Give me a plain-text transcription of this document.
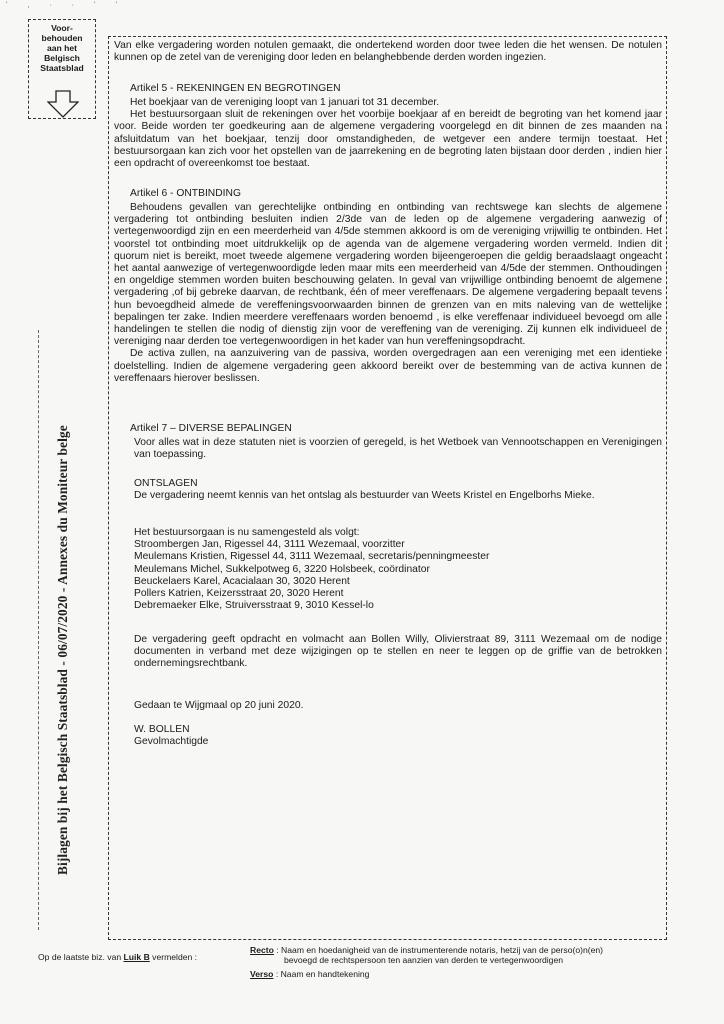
ʻ , · · ʻ ʻ
Voor-
behouden
aan het
Belgisch
Staatsblad
Bijlagen bij het Belgisch Staatsblad - 06/07/2020 - Annexes du Moniteur belge

Van elke vergadering worden notulen gemaakt, die ondertekend worden door twee leden die het wensen. De notulen kunnen op de zetel van de vereniging door leden en belanghebbende derden worden ingezien.

Artikel 5 - REKENINGEN EN BEGROTINGEN

Het boekjaar van de vereniging loopt van 1 januari tot 31 december.

Het bestuursorgaan sluit de rekeningen over het voorbije boekjaar af en bereidt de begroting van het komend jaar voor. Beide worden ter goedkeuring aan de algemene vergadering voorgelegd en dit binnen de zes maanden na afsluitdatum van het boekjaar, tenzij door omstandigheden, de wetgever een andere termijn toestaat. Het bestuursorgaan kan zich voor het opstellen van de jaarrekening en de begroting laten bijstaan door derden , indien hier een opdracht of overeenkomst toe bestaat.

Artikel 6 - ONTBINDING

Behoudens gevallen van gerechtelijke ontbinding en ontbinding van rechtswege kan slechts de algemene vergadering tot ontbinding besluiten indien 2/3de van de leden op de algemene vergadering aanwezig of vertegenwoordigd zijn en een meerderheid van 4/5de stemmen akkoord is om de vereniging vrijwillig te ontbinden. Het voorstel tot ontbinding moet uitdrukkelijk op de agenda van de algemene vergadering worden vermeld. Indien dit quorum niet is bereikt, moet tweede algemene vergadering worden bijeengeroepen die geldig beraadslaagt ongeacht het aantal aanwezige of vertegenwoordigde leden maar mits een meerderheid van 4/5de der stemmen. Onthoudingen en ongeldige stemmen worden buiten beschouwing gelaten. In geval van vrijwillige ontbinding benoemt de algemene vergadering ,of bij gebreke daarvan, de rechtbank, één of meer vereffenaars. De algemene vergadering bepaalt tevens hun bevoegdheid almede de vereffeningsvoorwaarden binnen de grenzen van en mits naleving van de wettelijke bepalingen ter zake. Indien meerdere vereffenaars worden benoemd , is elke vereffenaar individueel bevoegd om alle handelingen te stellen die nodig of dienstig zijn voor de vereffening van de vereniging. Zij kunnen elk individueel de vereniging naar derden toe vertegenwoordigen in het kader van hun vereffeningsopdracht.

De activa zullen, na aanzuivering van de passiva, worden overgedragen aan een vereniging met een identieke doelstelling. Indien de algemene vergadering geen akkoord bereikt over de bestemming van de activa kunnen de vereffenaars hierover beslissen.

Artikel 7 – DIVERSE BEPALINGEN

Voor alles wat in deze statuten niet is voorzien of geregeld, is het Wetboek van Vennootschappen en Verenigingen van toepassing.

ONTSLAGEN

De vergadering neemt kennis van het ontslag als bestuurder van Weets Kristel en Engelborhs Mieke.

Het bestuursorgaan is nu samengesteld als volgt:
Stroombergen Jan, Rigessel 44, 3111 Wezemaal, voorzitter
Meulemans Kristien, Rigessel 44, 3111 Wezemaal, secretaris/penningmeester
Meulemans Michel, Sukkelpotweg 6, 3220 Holsbeek, coördinator
Beuckelaers Karel, Acacialaan 30, 3020 Herent
Pollers Katrien, Keizersstraat 20, 3020 Herent
Debremaeker Elke, Struiversstraat 9, 3010 Kessel-lo

De vergadering geeft opdracht en volmacht aan Bollen Willy, Olivierstraat 89, 3111 Wezemaal om de nodige documenten in verband met deze wijzigingen op te stellen en neer te leggen op de griffie van de betrokken ondernemingsrechtbank.

Gedaan te Wijgmaal op 20 juni 2020.
W. BOLLEN
Gevolmachtigde
Op de laatste biz. van Luik B vermelden :
Recto : Naam en hoedanigheid van de instrumenterende notaris, hetzij van de perso(o)n(en)
bevoegd de rechtspersoon ten aanzien van derden te vertegenwoordigen
Verso : Naam en handtekening
